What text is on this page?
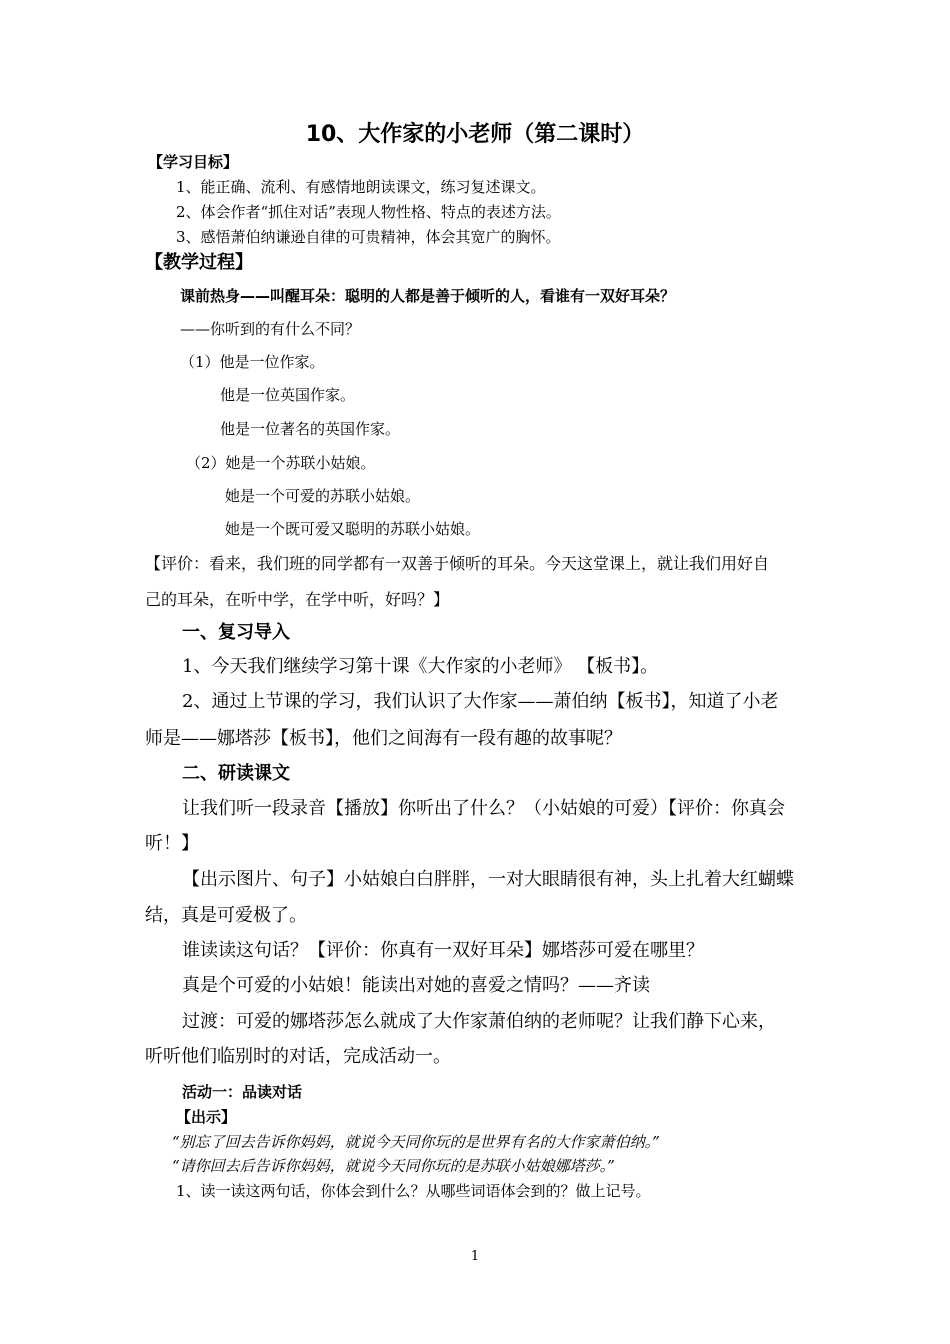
10、大作家的小老师（第二课时）
【学习目标】
1、能正确、流利、有感情地朗读课文，练习复述课文。
2、体会作者“抓住对话”表现人物性格、特点的表述方法。
3、感悟萧伯纳谦逊自律的可贵精神，体会其宽广的胸怀。
【教学过程】
课前热身——叫醒耳朵：聪明的人都是善于倾听的人，看谁有一双好耳朵？
——你听到的有什么不同？
（1）他是一位作家。
他是一位英国作家。
他是一位著名的英国作家。
（2）她是一个苏联小姑娘。
她是一个可爱的苏联小姑娘。
她是一个既可爱又聪明的苏联小姑娘。
【评价：看来，我们班的同学都有一双善于倾听的耳朵。今天这堂课上，就让我们用好自
己的耳朵，在听中学，在学中听，好吗？】
一、复习导入
1、今天我们继续学习第十课《大作家的小老师》 【板书】。
2、通过上节课的学习，我们认识了大作家——萧伯纳【板书】，知道了小老
师是——娜塔莎【板书】，他们之间海有一段有趣的故事呢？
二、研读课文
让我们听一段录音【播放】你听出了什么？（小姑娘的可爱）【评价：你真会
听！】
【出示图片、句子】小姑娘白白胖胖，一对大眼睛很有神，头上扎着大红蝴蝶
结，真是可爱极了。
谁读读这句话？【评价：你真有一双好耳朵】娜塔莎可爱在哪里？
真是个可爱的小姑娘！能读出对她的喜爱之情吗？——齐读
过渡：可爱的娜塔莎怎么就成了大作家萧伯纳的老师呢？让我们静下心来，
听听他们临别时的对话，完成活动一。
活动一：品读对话
【出示】
“别忘了回去告诉你妈妈，就说今天同你玩的是世界有名的大作家萧伯纳。”
“请你回去后告诉你妈妈，就说今天同你玩的是苏联小姑娘娜塔莎。”
1、读一读这两句话，你体会到什么？从哪些词语体会到的？做上记号。
1
